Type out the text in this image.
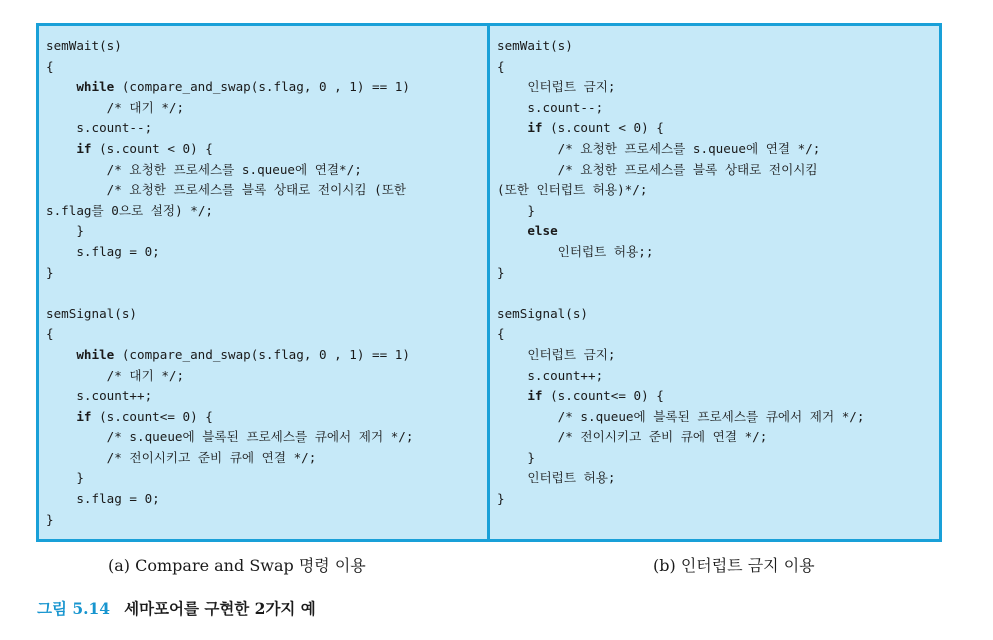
semWait(s)
{
while (compare_and_swap(s.flag, 0 , 1) == 1)
/* 대기 */;
s.count--;
if (s.count < 0) {
/* 요청한 프로세스를 s.queue에 연결*/;
/* 요청한 프로세스를 블록 상태로 전이시킴 (또한
s.flag를 0으로 설정) */;
}
s.flag = 0;
}
semSignal(s)
{
while (compare_and_swap(s.flag, 0 , 1) == 1)
/* 대기 */;
s.count++;
if (s.count<= 0) {
/* s.queue에 블록된 프로세스를 큐에서 제거 */;
/* 전이시키고 준비 큐에 연결 */;
}
s.flag = 0;
}
semWait(s)
{
인터럽트 금지;
s.count--;
if (s.count < 0) {
/* 요청한 프로세스를 s.queue에 연결 */;
/* 요청한 프로세스를 블록 상태로 전이시킴
(또한 인터럽트 허용)*/;
}
else
인터럽트 허용;;
}
semSignal(s)
{
인터럽트 금지;
s.count++;
if (s.count<= 0) {
/* s.queue에 블록된 프로세스를 큐에서 제거 */;
/* 전이시키고 준비 큐에 연결 */;
}
인터럽트 허용;
}
(a) Compare and Swap 명령 이용	(b) 인터럽트 금지 이용
그림 5.14 세마포어를 구현한 2가지 예
